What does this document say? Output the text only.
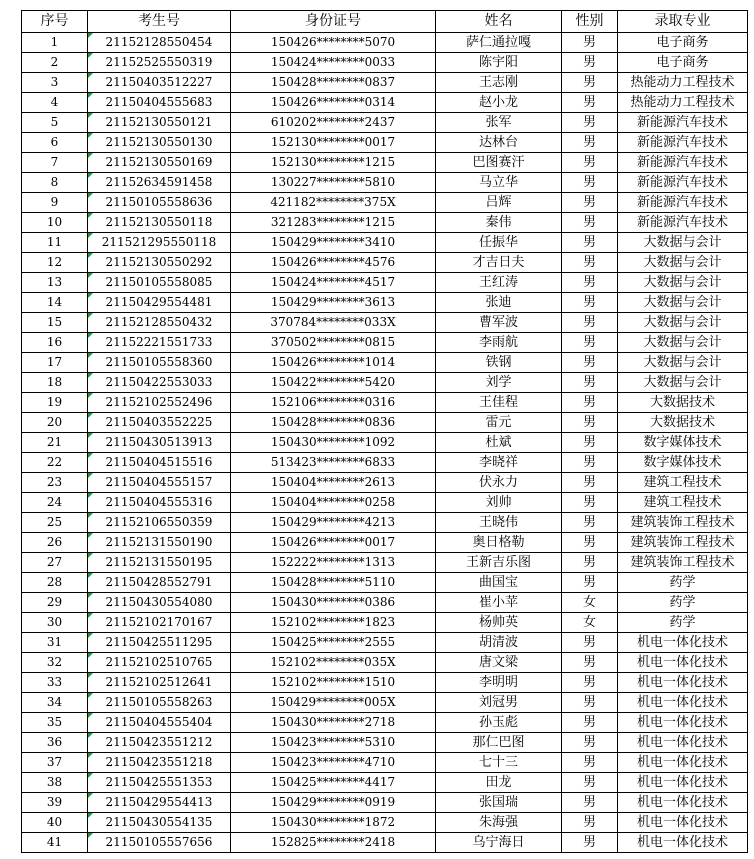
序号	考生号	身份证号	姓名	性别	录取专业
1	21152128550454	150426********5070	萨仁通拉嘎	男	电子商务
2	21152525550319	150424********0033	陈宇阳	男	电子商务
3	21150403512227	150428********0837	王志刚	男	热能动力工程技术
4	21150404555683	150426********0314	赵小龙	男	热能动力工程技术
5	21152130550121	610202********2437	张军	男	新能源汽车技术
6	21152130550130	152130********0017	达林台	男	新能源汽车技术
7	21152130550169	152130********1215	巴图赛汗	男	新能源汽车技术
8	21152634591458	130227********5810	马立华	男	新能源汽车技术
9	21150105558636	421182********375X	吕辉	男	新能源汽车技术
10	21152130550118	321283********1215	秦伟	男	新能源汽车技术
11	211521295550118	150429********3410	任振华	男	大数据与会计
12	21152130550292	150426********4576	才吉日夫	男	大数据与会计
13	21150105558085	150424********4517	王红涛	男	大数据与会计
14	21150429554481	150429********3613	张迪	男	大数据与会计
15	21152128550432	370784********033X	曹军波	男	大数据与会计
16	21152221551733	370502********0815	李雨航	男	大数据与会计
17	21150105558360	150426********1014	铁钢	男	大数据与会计
18	21150422553033	150422********5420	刘学	男	大数据与会计
19	21152102552496	152106********0316	王佳程	男	大数据技术
20	21150403552225	150428********0836	雷元	男	大数据技术
21	21150430513913	150430********1092	杜斌	男	数字媒体技术
22	21150404515516	513423********6833	李晓祥	男	数字媒体技术
23	21150404555157	150404********2613	伏永力	男	建筑工程技术
24	21150404555316	150404********0258	刘帅	男	建筑工程技术
25	21152106550359	150429********4213	王晓伟	男	建筑装饰工程技术
26	21152131550190	150426********0017	奥日格勒	男	建筑装饰工程技术
27	21152131550195	152222********1313	王新吉乐图	男	建筑装饰工程技术
28	21150428552791	150428********5110	曲国宝	男	药学
29	21150430554080	150430********0386	崔小苹	女	药学
30	21152102170167	152102********1823	杨帅英	女	药学
31	21150425511295	150425********2555	胡清波	男	机电一体化技术
32	21152102510765	152102********035X	唐文梁	男	机电一体化技术
33	21152102512641	152102********1510	李明明	男	机电一体化技术
34	21150105558263	150429********005X	刘冠男	男	机电一体化技术
35	21150404555404	150430********2718	孙玉彪	男	机电一体化技术
36	21150423551212	150423********5310	那仁巴图	男	机电一体化技术
37	21150423551218	150423********4710	七十三	男	机电一体化技术
38	21150425551353	150425********4417	田龙	男	机电一体化技术
39	21150429554413	150429********0919	张国瑞	男	机电一体化技术
40	21150430554135	150430********1872	朱海强	男	机电一体化技术
41	21150105557656	152825********2418	乌宁海日	男	机电一体化技术
